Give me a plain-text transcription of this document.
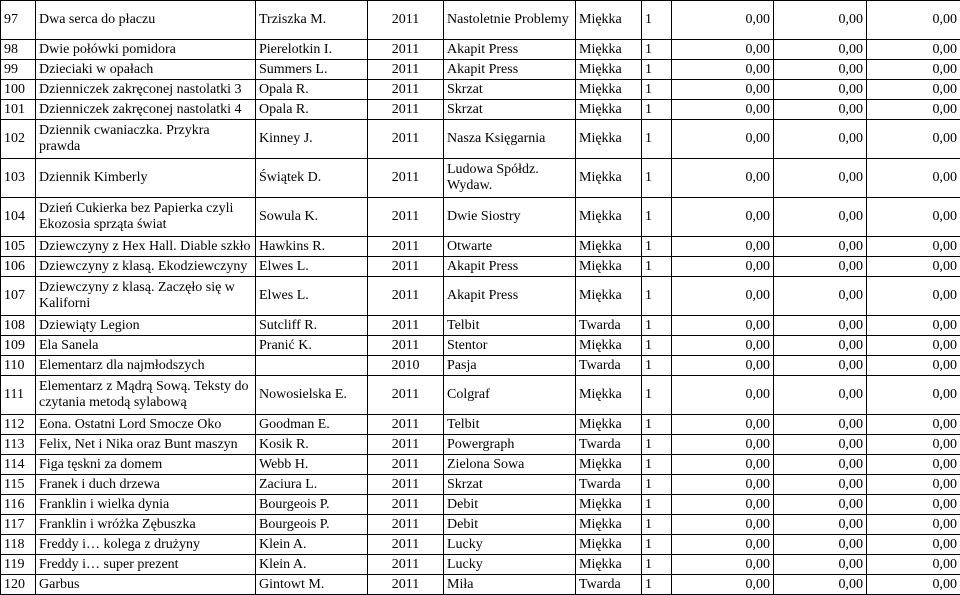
97	Dwa serca do płaczu	Trziszka M.	2011	Nastoletnie Problemy	Miękka	1	0,00	0,00	0,00
98	Dwie połówki pomidora	Pierelotkin I.	2011	Akapit Press	Miękka	1	0,00	0,00	0,00
99	Dzieciaki w opałach	Summers L.	2011	Akapit Press	Miękka	1	0,00	0,00	0,00
100	Dzienniczek zakręconej nastolatki 3	Opala R.	2011	Skrzat	Miękka	1	0,00	0,00	0,00
101	Dzienniczek zakręconej nastolatki 4	Opala R.	2011	Skrzat	Miękka	1	0,00	0,00	0,00
102	Dziennik cwaniaczka. Przykra prawda	Kinney J.	2011	Nasza Księgarnia	Miękka	1	0,00	0,00	0,00
103	Dziennik Kimberly	Świątek D.	2011	Ludowa Spółdz. Wydaw.	Miękka	1	0,00	0,00	0,00
104	Dzień Cukierka bez Papierka czyli Ekozosia sprząta świat	Sowula K.	2011	Dwie Siostry	Miękka	1	0,00	0,00	0,00
105	Dziewczyny z Hex Hall. Diable szkło	Hawkins R.	2011	Otwarte	Miękka	1	0,00	0,00	0,00
106	Dziewczyny z klasą. Ekodziewczyny	Elwes L.	2011	Akapit Press	Miękka	1	0,00	0,00	0,00
107	Dziewczyny z klasą. Zaczęło się w Kaliforni	Elwes L.	2011	Akapit Press	Miękka	1	0,00	0,00	0,00
108	Dziewiąty Legion	Sutcliff R.	2011	Telbit	Twarda	1	0,00	0,00	0,00
109	Ela Sanela	Pranić K.	2011	Stentor	Miękka	1	0,00	0,00	0,00
110	Elementarz dla najmłodszych		2010	Pasja	Twarda	1	0,00	0,00	0,00
111	Elementarz z Mądrą Sową. Teksty do czytania metodą sylabową	Nowosielska E.	2011	Colgraf	Miękka	1	0,00	0,00	0,00
112	Eona. Ostatni Lord Smocze Oko	Goodman E.	2011	Telbit	Miękka	1	0,00	0,00	0,00
113	Felix, Net i Nika oraz Bunt maszyn	Kosik R.	2011	Powergraph	Twarda	1	0,00	0,00	0,00
114	Figa tęskni za domem	Webb H.	2011	Zielona Sowa	Miękka	1	0,00	0,00	0,00
115	Franek i duch drzewa	Zaciura L.	2011	Skrzat	Twarda	1	0,00	0,00	0,00
116	Franklin i wielka dynia	Bourgeois P.	2011	Debit	Miękka	1	0,00	0,00	0,00
117	Franklin i wróżka Zębuszka	Bourgeois P.	2011	Debit	Miękka	1	0,00	0,00	0,00
118	Freddy i… kolega z drużyny	Klein A.	2011	Lucky	Miękka	1	0,00	0,00	0,00
119	Freddy i… super prezent	Klein A.	2011	Lucky	Miękka	1	0,00	0,00	0,00
120	Garbus	Gintowt M.	2011	Miła	Twarda	1	0,00	0,00	0,00
